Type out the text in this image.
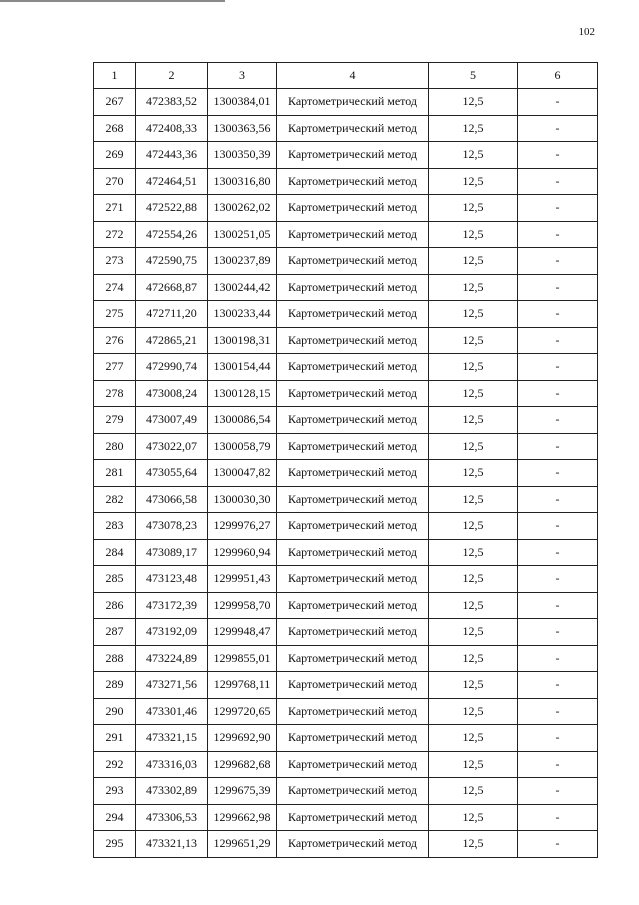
102
1	2	3	4	5	6
267	472383,52	1300384,01	Картометрический метод	12,5	-
268	472408,33	1300363,56	Картометрический метод	12,5	-
269	472443,36	1300350,39	Картометрический метод	12,5	-
270	472464,51	1300316,80	Картометрический метод	12,5	-
271	472522,88	1300262,02	Картометрический метод	12,5	-
272	472554,26	1300251,05	Картометрический метод	12,5	-
273	472590,75	1300237,89	Картометрический метод	12,5	-
274	472668,87	1300244,42	Картометрический метод	12,5	-
275	472711,20	1300233,44	Картометрический метод	12,5	-
276	472865,21	1300198,31	Картометрический метод	12,5	-
277	472990,74	1300154,44	Картометрический метод	12,5	-
278	473008,24	1300128,15	Картометрический метод	12,5	-
279	473007,49	1300086,54	Картометрический метод	12,5	-
280	473022,07	1300058,79	Картометрический метод	12,5	-
281	473055,64	1300047,82	Картометрический метод	12,5	-
282	473066,58	1300030,30	Картометрический метод	12,5	-
283	473078,23	1299976,27	Картометрический метод	12,5	-
284	473089,17	1299960,94	Картометрический метод	12,5	-
285	473123,48	1299951,43	Картометрический метод	12,5	-
286	473172,39	1299958,70	Картометрический метод	12,5	-
287	473192,09	1299948,47	Картометрический метод	12,5	-
288	473224,89	1299855,01	Картометрический метод	12,5	-
289	473271,56	1299768,11	Картометрический метод	12,5	-
290	473301,46	1299720,65	Картометрический метод	12,5	-
291	473321,15	1299692,90	Картометрический метод	12,5	-
292	473316,03	1299682,68	Картометрический метод	12,5	-
293	473302,89	1299675,39	Картометрический метод	12,5	-
294	473306,53	1299662,98	Картометрический метод	12,5	-
295	473321,13	1299651,29	Картометрический метод	12,5	-
